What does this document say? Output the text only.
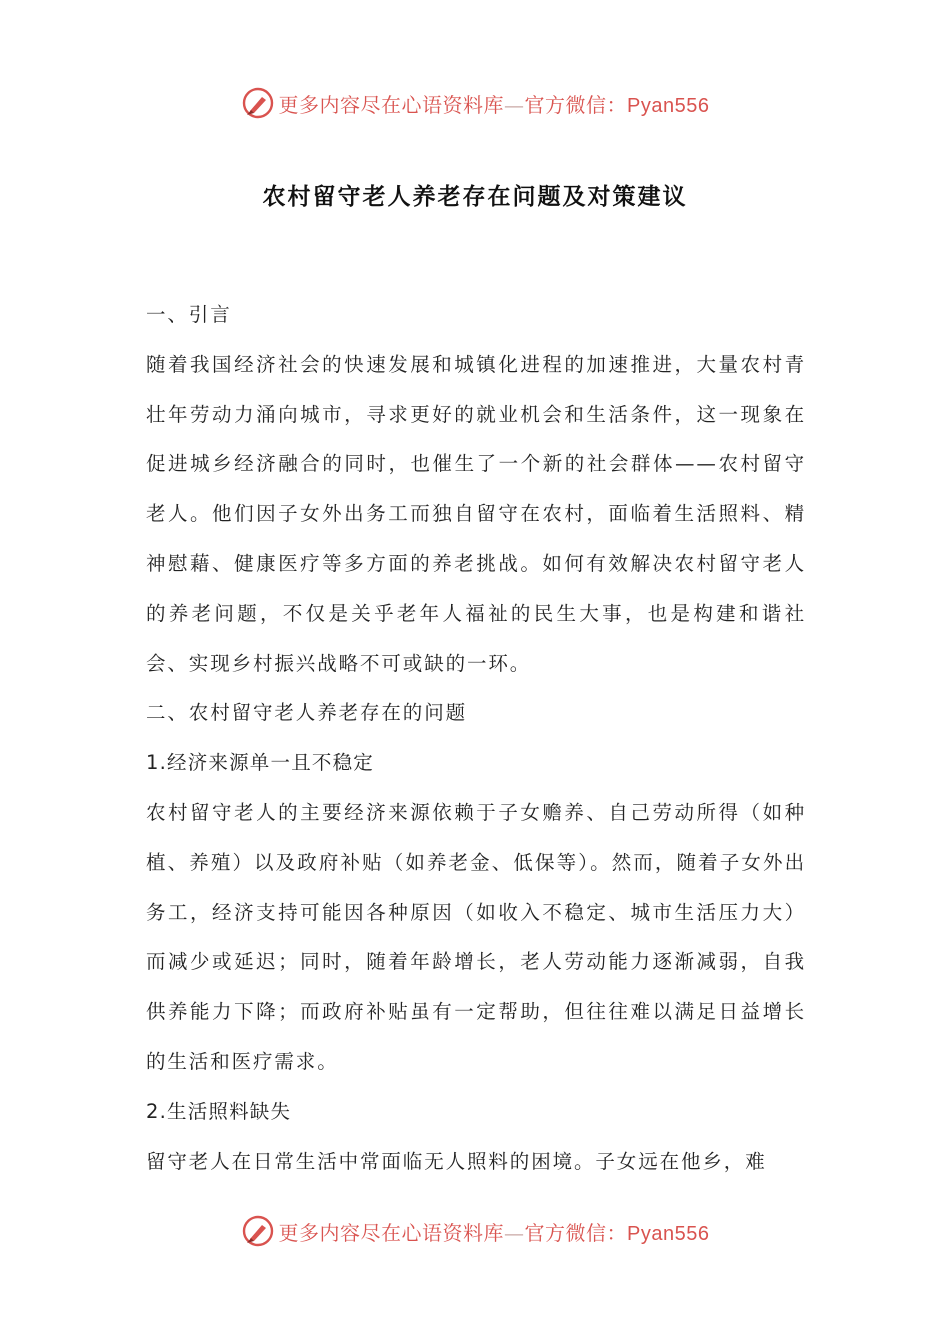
更多内容尽在心语资料库—官方微信：Pyan556
农村留守老人养老存在问题及对策建议

一、引言

随着我国经济社会的快速发展和城镇化进程的加速推进，大量农村青壮年劳动力涌向城市，寻求更好的就业机会和生活条件，这一现象在促进城乡经济融合的同时，也催生了一个新的社会群体——农村留守老人。他们因子女外出务工而独自留守在农村，面临着生活照料、精神慰藉、健康医疗等多方面的养老挑战。如何有效解决农村留守老人的养老问题，不仅是关乎老年人福祉的民生大事，也是构建和谐社会、实现乡村振兴战略不可或缺的一环。

二、农村留守老人养老存在的问题

1.经济来源单一且不稳定

农村留守老人的主要经济来源依赖于子女赡养、自己劳动所得（如种植、养殖）以及政府补贴（如养老金、低保等）。然而，随着子女外出务工，经济支持可能因各种原因（如收入不稳定、城市生活压力大）而减少或延迟；同时，随着年龄增长，老人劳动能力逐渐减弱，自我供养能力下降；而政府补贴虽有一定帮助，但往往难以满足日益增长的生活和医疗需求。

2.生活照料缺失

留守老人在日常生活中常面临无人照料的困境。子女远在他乡，难

更多内容尽在心语资料库—官方微信：Pyan556
